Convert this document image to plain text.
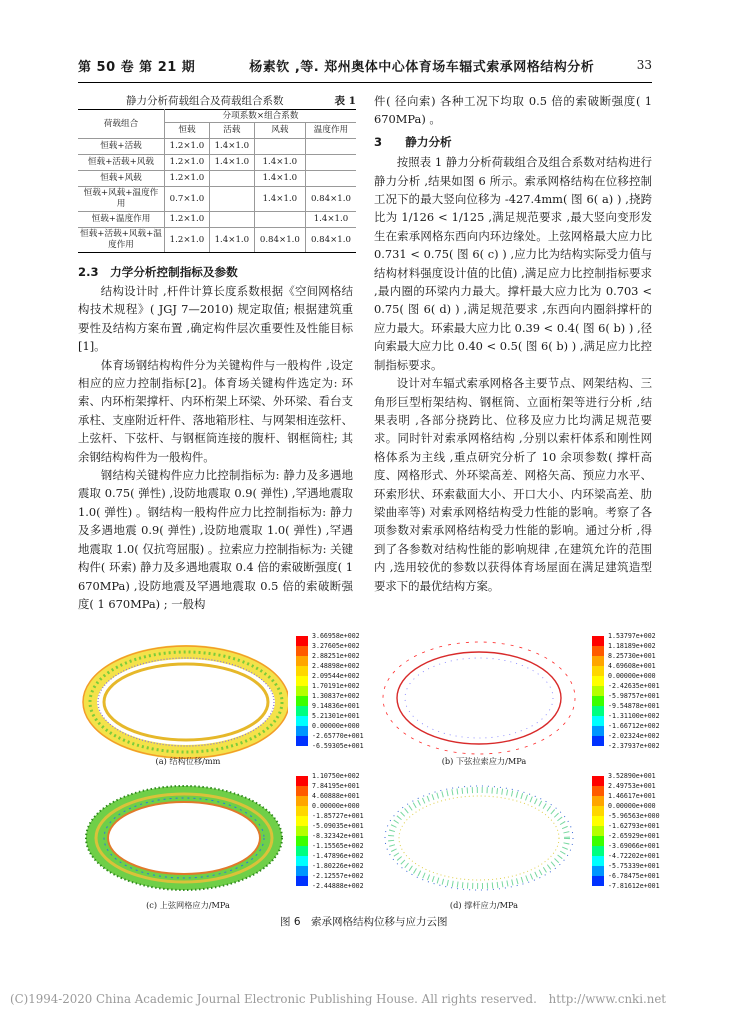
第 50 卷 第 21 期　　　　杨素钦 ,等. 郑州奥体中心体育场车辐式索承网格结构分析	33
静力分析荷载组合及荷载组合系数	表 1
荷载组合	分项系数×组合系数			
	恒载	活载	风载	温度作用
恒载+活载	1.2×1.0	1.4×1.0		
恒载+活载+风载	1.2×1.0	1.4×1.0	1.4×1.0	
恒载+风载	1.2×1.0		1.4×1.0	
恒载+风载+温度作用	0.7×1.0		1.4×1.0	0.84×1.0
恒载+温度作用	1.2×1.0			1.4×1.0
恒载+活载+风载+温度作用	1.2×1.0	1.4×1.0	0.84×1.0	0.84×1.0
2.3　力学分析控制指标及参数

结构设计时 ,杆件计算长度系数根据《空间网格结构技术规程》( JGJ 7—2010) 规定取值; 根据建筑重要性及结构方案布置 ,确定构件层次重要性及性能目标[1]。

体育场钢结构构件分为关键构件与一般构件 ,设定相应的应力控制指标[2]。体育场关键构件选定为: 环索、内环桁架撑杆、内环桁架上环梁、外环梁、看台支承柱、支座附近杆件、落地箱形柱、与网架相连弦杆、上弦杆、下弦杆、与钢框筒连接的腹杆、钢框筒柱; 其余钢结构构件为一般构件。

钢结构关键构件应力比控制指标为: 静力及多遇地震取 0.75( 弹性) ,设防地震取 0.9( 弹性) ,罕遇地震取 1.0( 弹性) 。钢结构一般构件应力比控制指标为: 静力及多遇地震 0.9( 弹性) ,设防地震取 1.0( 弹性) ,罕遇地震取 1.0( 仅抗弯屈服) 。拉索应力控制指标为: 关键构件( 环索) 静力及多遇地震取 0.4 倍的索破断强度( 1 670MPa) ,设防地震及罕遇地震取 0.5 倍的索破断强度( 1 670MPa) ; 一般构

件( 径向索) 各种工况下均取 0.5 倍的索破断强度( 1 670MPa) 。

3　　静力分析

按照表 1 静力分析荷载组合及组合系数对结构进行静力分析 ,结果如图 6 所示。索承网格结构在位移控制工况下的最大竖向位移为 -427.4mm( 图 6( a) ) ,挠跨比为 1/126 < 1/125 ,满足规范要求 ,最大竖向变形发生在索承网格东西向内环边缘处。上弦网格最大应力比 0.731 < 0.75( 图 6( c) ) ,应力比为结构实际受力值与结构材料强度设计值的比值) ,满足应力比控制指标要求 ,最内圈的环梁内力最大。撑杆最大应力比为 0.703 < 0.75( 图 6( d) ) ,满足规范要求 ,东西向内圈斜撑杆的应力最大。环索最大应力比 0.39 < 0.4( 图 6( b) ) ,径向索最大应力比 0.40 < 0.5( 图 6( b) ) ,满足应力比控制指标要求。

设计对车辐式索承网格各主要节点、网架结构、三角形巨型桁架结构、钢框筒、立面桁架等进行分析 ,结果表明 ,各部分挠跨比、位移及应力比均满足规范要求。同时针对索承网格结构 ,分别以索杆体系和刚性网格体系为主线 ,重点研究分析了 10 余项参数( 撑杆高度、网格形式、外环梁高差、网格矢高、预应力水平、环索形状、环索截面大小、开口大小、内环梁高差、肋梁曲率等) 对索承网格结构受力性能的影响。考察了各项参数对索承网格结构受力性能的影响。通过分析 ,得到了各参数对结构性能的影响规律 ,在建筑允许的范围内 ,选用较优的参数以获得体育场屋面在满足建筑造型要求下的最优结构方案。

3.66958e+002
3.27605e+002
2.88251e+002
2.48898e+002
2.09544e+002
1.70191e+002
1.30837e+002
9.14836e+001
5.21301e+001
0.00000e+000
-2.65770e+001
-6.59305e+001
(a) 结构位移/mm
1.53797e+002
1.18189e+002
8.25730e+001
4.69608e+001
0.00000e+000
-2.42635e+001
-5.98757e+001
-9.54878e+001
-1.31100e+002
-1.66712e+002
-2.02324e+002
-2.37937e+002
(b) 下弦拉索应力/MPa
1.10750e+002
7.84195e+001
4.60888e+001
0.00000e+000
-1.85727e+001
-5.09035e+001
-8.32342e+001
-1.15565e+002
-1.47896e+002
-1.80226e+002
-2.12557e+002
-2.44888e+002
(c) 上弦网格应力/MPa
3.52890e+001
2.49753e+001
1.46617e+001
0.00000e+000
-5.96563e+000
-1.62793e+001
-2.65929e+001
-3.69066e+001
-4.72202e+001
-5.75339e+001
-6.78475e+001
-7.81612e+001
(d) 撑杆应力/MPa
图 6　索承网格结构位移与应力云图
(C)1994-2020 China Academic Journal Electronic Publishing House. All rights reserved.　http://www.cnki.net
